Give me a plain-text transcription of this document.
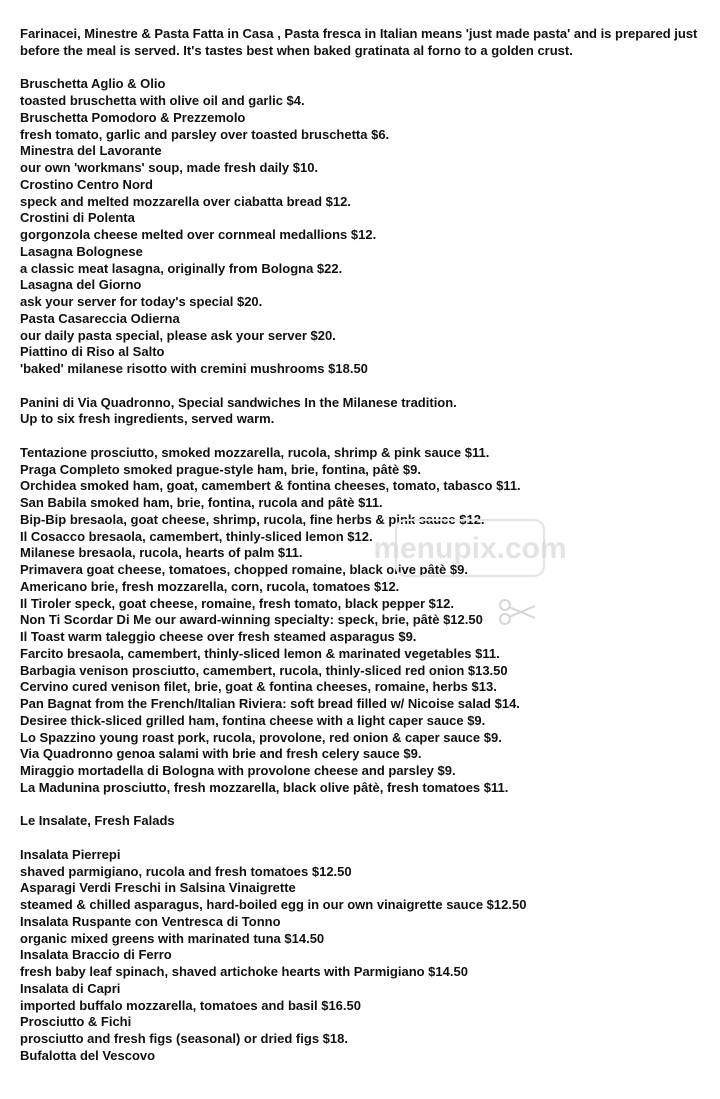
Farinacei, Minestre & Pasta Fatta in Casa , Pasta fresca in Italian means 'just made pasta' and is prepared just before the meal is served. It's tastes best when baked gratinata al forno to a golden crust.
Bruschetta Aglio & Olio
toasted bruschetta with olive oil and garlic $4.
Bruschetta Pomodoro & Prezzemolo
fresh tomato, garlic and parsley over toasted bruschetta $6.
Minestra del Lavorante
our own 'workmans' soup, made fresh daily $10.
Crostino Centro Nord
speck and melted mozzarella over ciabatta bread $12.
Crostini di Polenta
gorgonzola cheese melted over cornmeal medallions $12.
Lasagna Bolognese
a classic meat lasagna, originally from Bologna $22.
Lasagna del Giorno
ask your server for today's special $20.
Pasta Casareccia Odierna
our daily pasta special, please ask your server $20.
Piattino di Riso al Salto
'baked' milanese risotto with cremini mushrooms $18.50
Panini di Via Quadronno, Special sandwiches In the Milanese tradition.
Up to six fresh ingredients, served warm.
Tentazione prosciutto, smoked mozzarella, rucola, shrimp & pink sauce $11.
Praga Completo smoked prague-style ham, brie, fontina, pâtè $9.
Orchidea smoked ham, goat, camembert & fontina cheeses, tomato, tabasco $11.
San Babila smoked ham, brie, fontina, rucola and pâtè $11.
Bip-Bip bresaola, goat cheese, shrimp, rucola, fine herbs & pink sauce $12.
Il Cosacco bresaola, camembert, thinly-sliced lemon $12.
Milanese bresaola, rucola, hearts of palm $11.
Primavera goat cheese, tomatoes, chopped romaine, black olive pâtè $9.
Americano brie, fresh mozzarella, corn, rucola, tomatoes $12.
Il Tiroler speck, goat cheese, romaine, fresh tomato, black pepper $12.
Non Ti Scordar Di Me our award-winning specialty: speck, brie, pâtè $12.50
Il Toast warm taleggio cheese over fresh steamed asparagus $9.
Farcito bresaola, camembert, thinly-sliced lemon & marinated vegetables $11.
Barbagia venison prosciutto, camembert, rucola, thinly-sliced red onion $13.50
Cervino cured venison filet, brie, goat & fontina cheeses, romaine, herbs $13.
Pan Bagnat from the French/Italian Riviera: soft bread filled w/ Nicoise salad $14.
Desiree thick-sliced grilled ham, fontina cheese with a light caper sauce $9.
Lo Spazzino young roast pork, rucola, provolone, red onion & caper sauce $9.
Via Quadronno genoa salami with brie and fresh celery sauce $9.
Miraggio mortadella di Bologna with provolone cheese and parsley $9.
La Madunina prosciutto, fresh mozzarella, black olive pâtè, fresh tomatoes $11.
Le Insalate, Fresh Falads
Insalata Pierrepi
shaved parmigiano, rucola and fresh tomatoes $12.50
Asparagi Verdi Freschi in Salsina Vinaigrette
steamed & chilled asparagus, hard-boiled egg in our own vinaigrette sauce $12.50
Insalata Ruspante con Ventresca di Tonno
organic mixed greens with marinated tuna $14.50
Insalata Braccio di Ferro
fresh baby leaf spinach, shaved artichoke hearts with Parmigiano $14.50
Insalata di Capri
imported buffalo mozzarella, tomatoes and basil $16.50
Prosciutto & Fichi
prosciutto and fresh figs (seasonal) or dried figs $18.
Bufalotta del Vescovo
menupix.com
